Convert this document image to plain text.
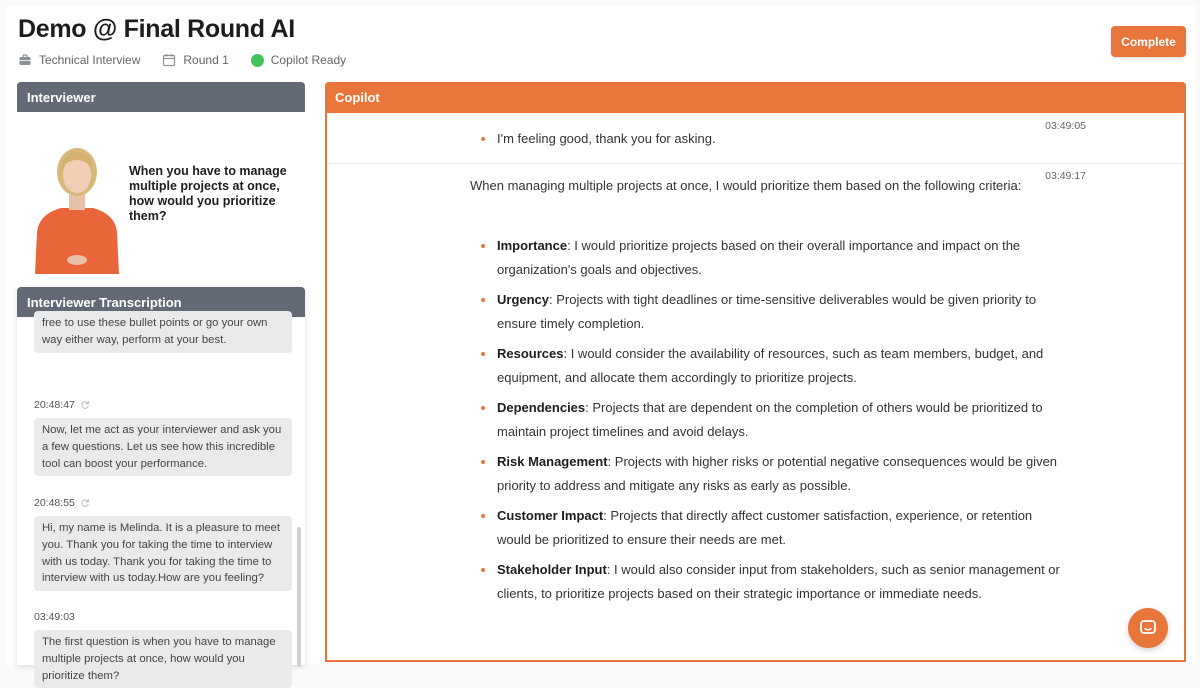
Demo @ Final Round AI
Technical Interview	Round 1	Copilot Ready
Complete
Interviewer
When you have to manage multiple projects at once, how would you prioritize them?
Interviewer Transcription
free to use these bullet points or go your own way either way, perform at your best.
20:48:47
Now, let me act as your interviewer and ask you a few questions. Let us see how this incredible tool can boost your performance.
20:48:55
Hi, my name is Melinda. It is a pleasure to meet you. Thank you for taking the time to interview with us today. Thank you for taking the time to interview with us today.How are you feeling?
03:49:03
The first question is when you have to manage multiple projects at once, how would you prioritize them?
Copilot
03:49:05
I'm feeling good, thank you for asking.
03:49:17
When managing multiple projects at once, I would prioritize them based on the following criteria:
Importance: I would prioritize projects based on their overall importance and impact on the organization's goals and objectives.
Urgency: Projects with tight deadlines or time-sensitive deliverables would be given priority to ensure timely completion.
Resources: I would consider the availability of resources, such as team members, budget, and equipment, and allocate them accordingly to prioritize projects.
Dependencies: Projects that are dependent on the completion of others would be prioritized to maintain project timelines and avoid delays.
Risk Management: Projects with higher risks or potential negative consequences would be given priority to address and mitigate any risks as early as possible.
Customer Impact: Projects that directly affect customer satisfaction, experience, or retention would be prioritized to ensure their needs are met.
Stakeholder Input: I would also consider input from stakeholders, such as senior management or clients, to prioritize projects based on their strategic importance or immediate needs.
